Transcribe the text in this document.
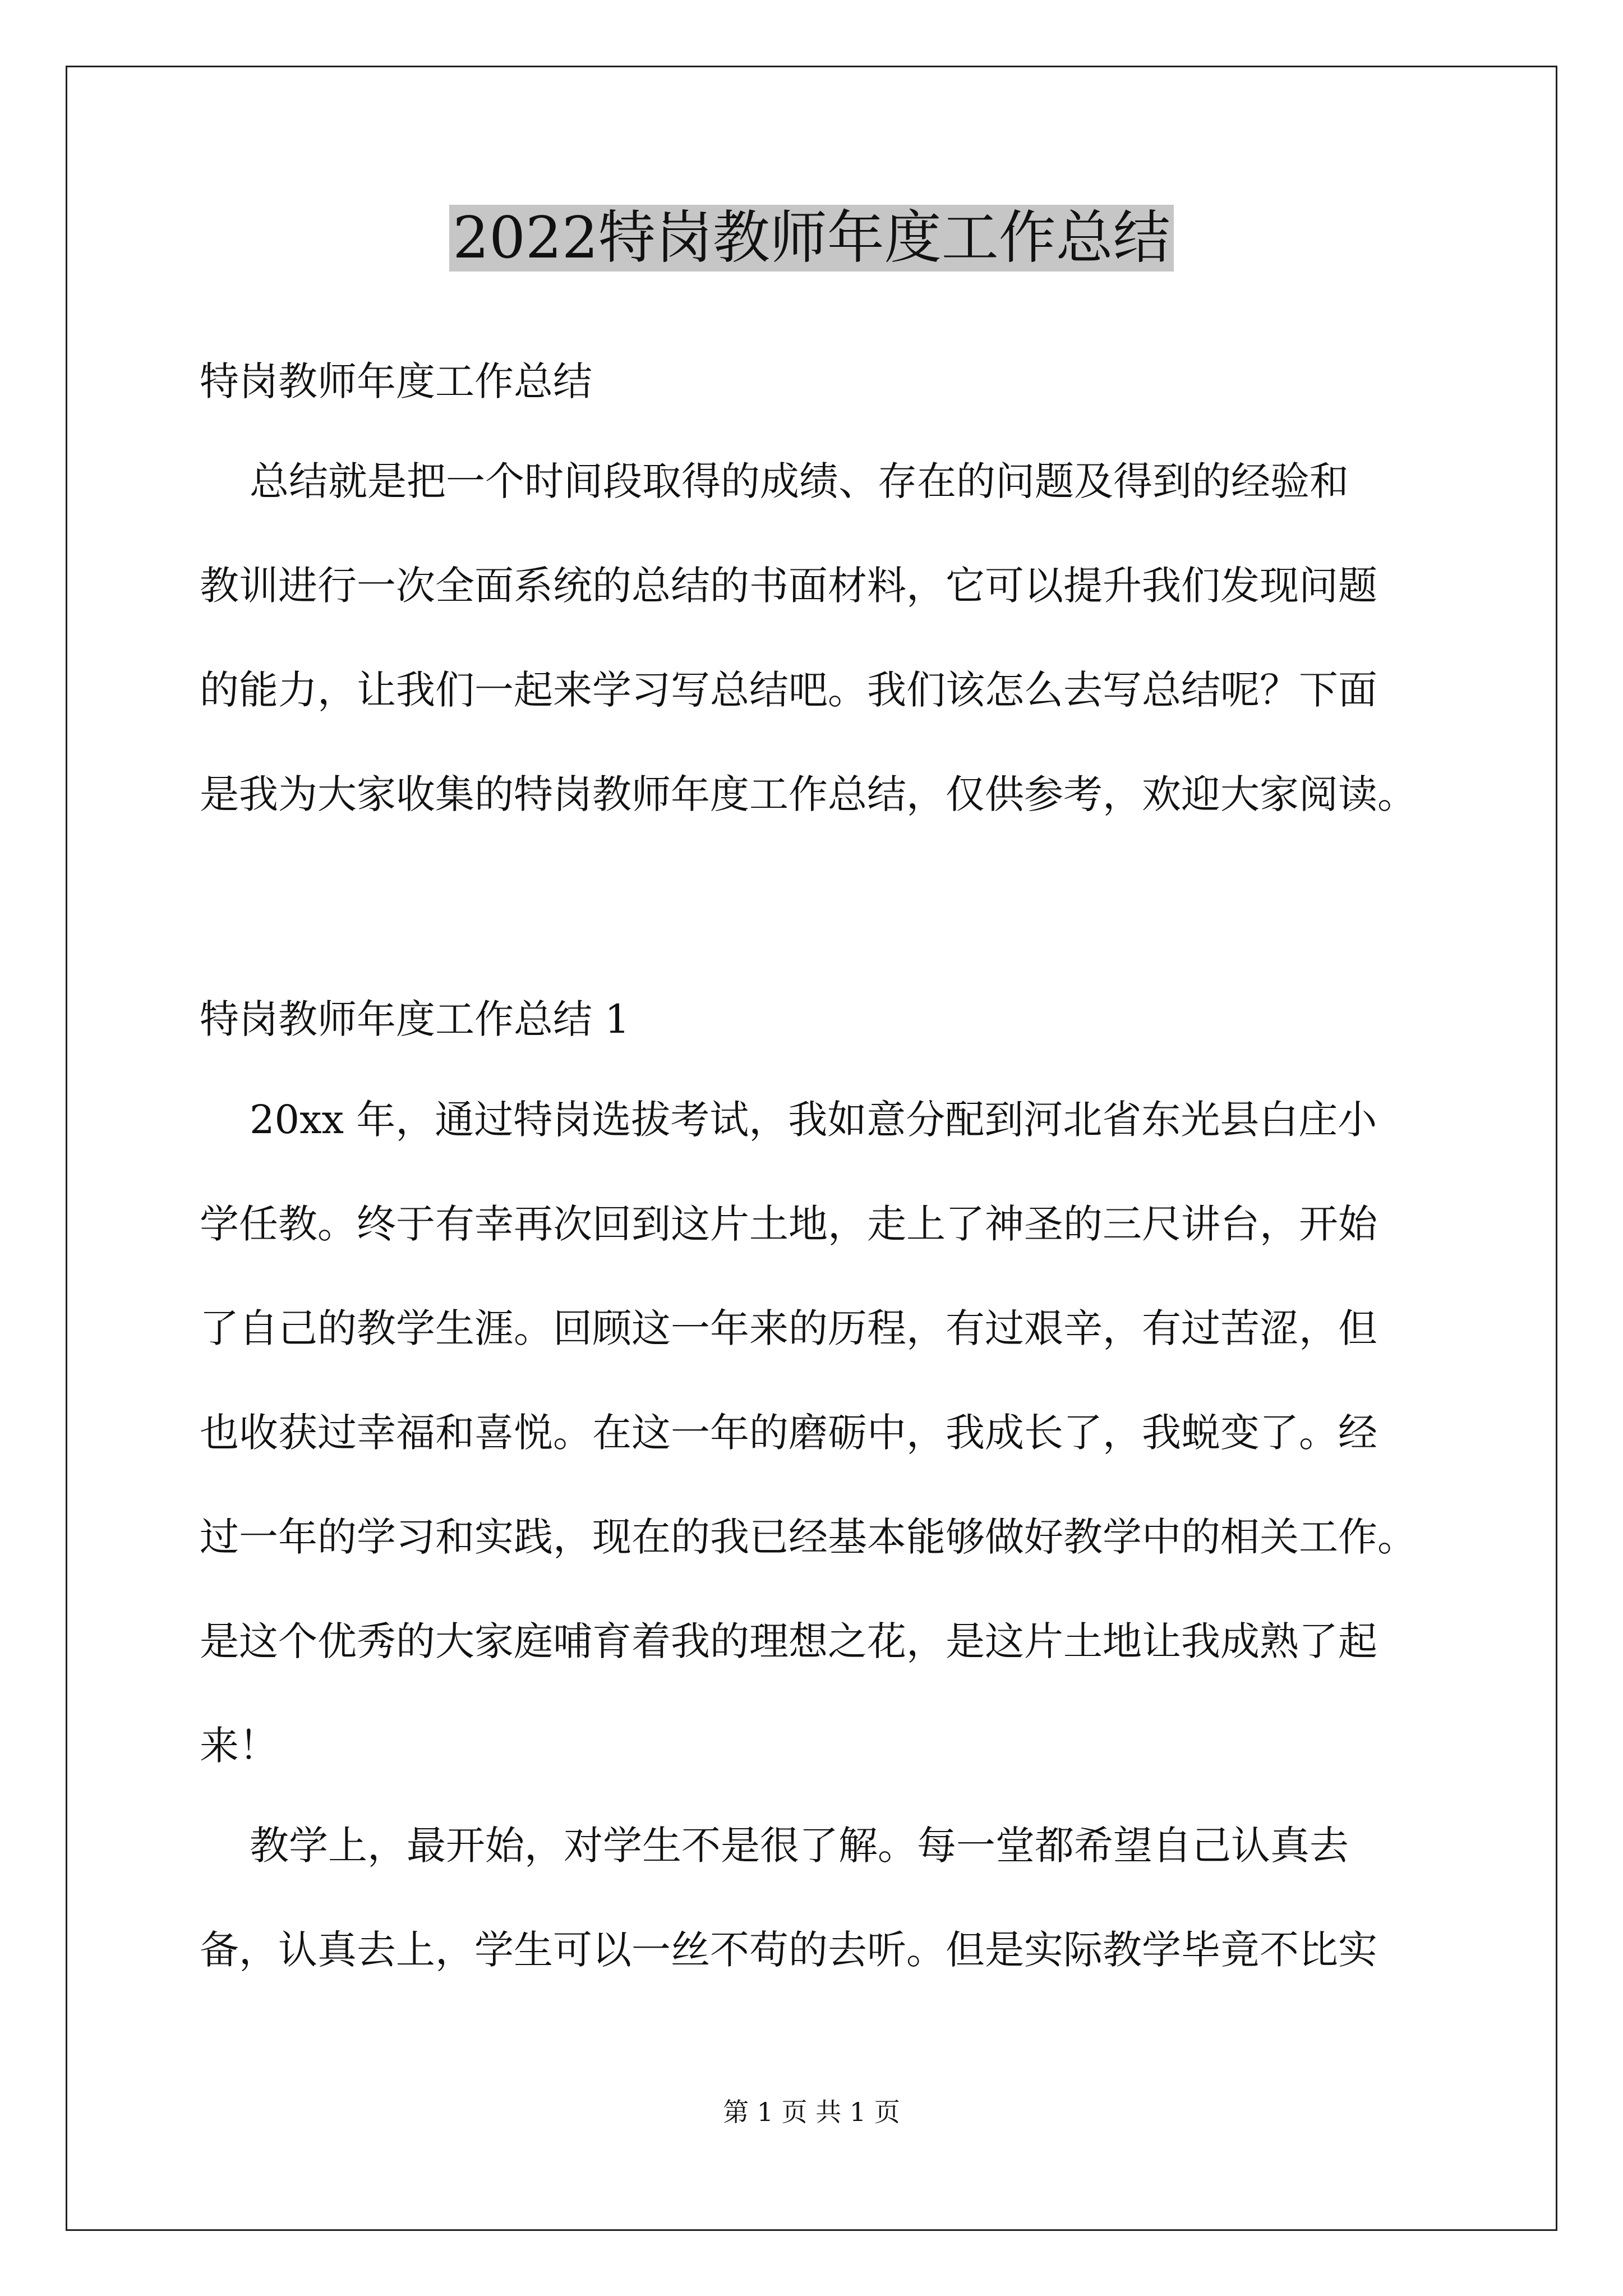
2022特岗教师年度工作总结
特岗教师年度工作总结
总结就是把一个时间段取得的成绩、存在的问题及得到的经验和
教训进行一次全面系统的总结的书面材料，它可以提升我们发现问题
的能力，让我们一起来学习写总结吧。我们该怎么去写总结呢？下面
是我为大家收集的特岗教师年度工作总结，仅供参考，欢迎大家阅读。
特岗教师年度工作总结 1
20xx 年，通过特岗选拔考试，我如意分配到河北省东光县白庄小
学任教。终于有幸再次回到这片土地，走上了神圣的三尺讲台，开始
了自己的教学生涯。回顾这一年来的历程，有过艰辛，有过苦涩，但
也收获过幸福和喜悦。在这一年的磨砺中，我成长了，我蜕变了。经
过一年的学习和实践，现在的我已经基本能够做好教学中的相关工作。
是这个优秀的大家庭哺育着我的理想之花，是这片土地让我成熟了起
来！
教学上，最开始，对学生不是很了解。每一堂都希望自己认真去
备，认真去上，学生可以一丝不苟的去听。但是实际教学毕竟不比实
第 1 页 共 1 页
